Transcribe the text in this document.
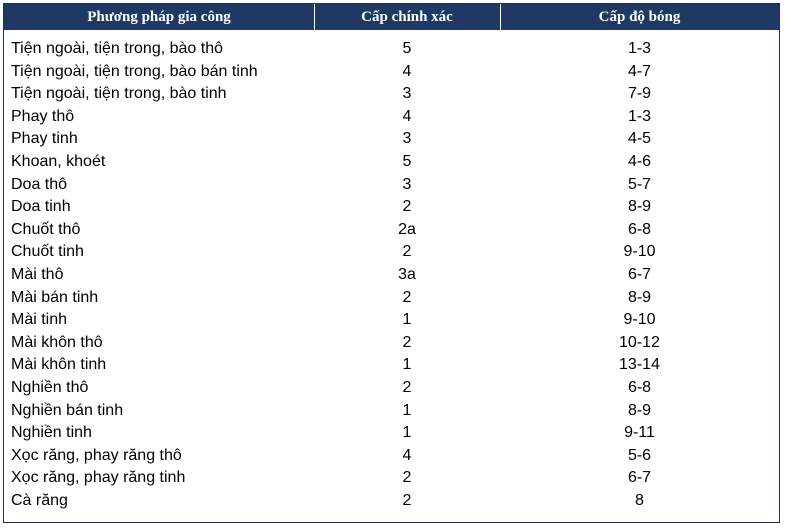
Phương pháp gia công	Cấp chính xác	Cấp độ bóng
Tiện ngoài, tiện trong, bào thô	5	1-3
Tiện ngoài, tiện trong, bào bán tinh	4	4-7
Tiện ngoài, tiện trong, bào tinh	3	7-9
Phay thô	4	1-3
Phay tinh	3	4-5
Khoan, khoét	5	4-6
Doa thô	3	5-7
Doa tinh	2	8-9
Chuốt thô	2a	6-8
Chuốt tinh	2	9-10
Mài thô	3a	6-7
Mài bán tinh	2	8-9
Mài tinh	1	9-10
Mài khôn thô	2	10-12
Mài khôn tinh	1	13-14
Nghiền thô	2	6-8
Nghiền bán tinh	1	8-9
Nghiền tinh	1	9-11
Xọc răng, phay răng thô	4	5-6
Xọc răng, phay răng tinh	2	6-7
Cà răng	2	8
